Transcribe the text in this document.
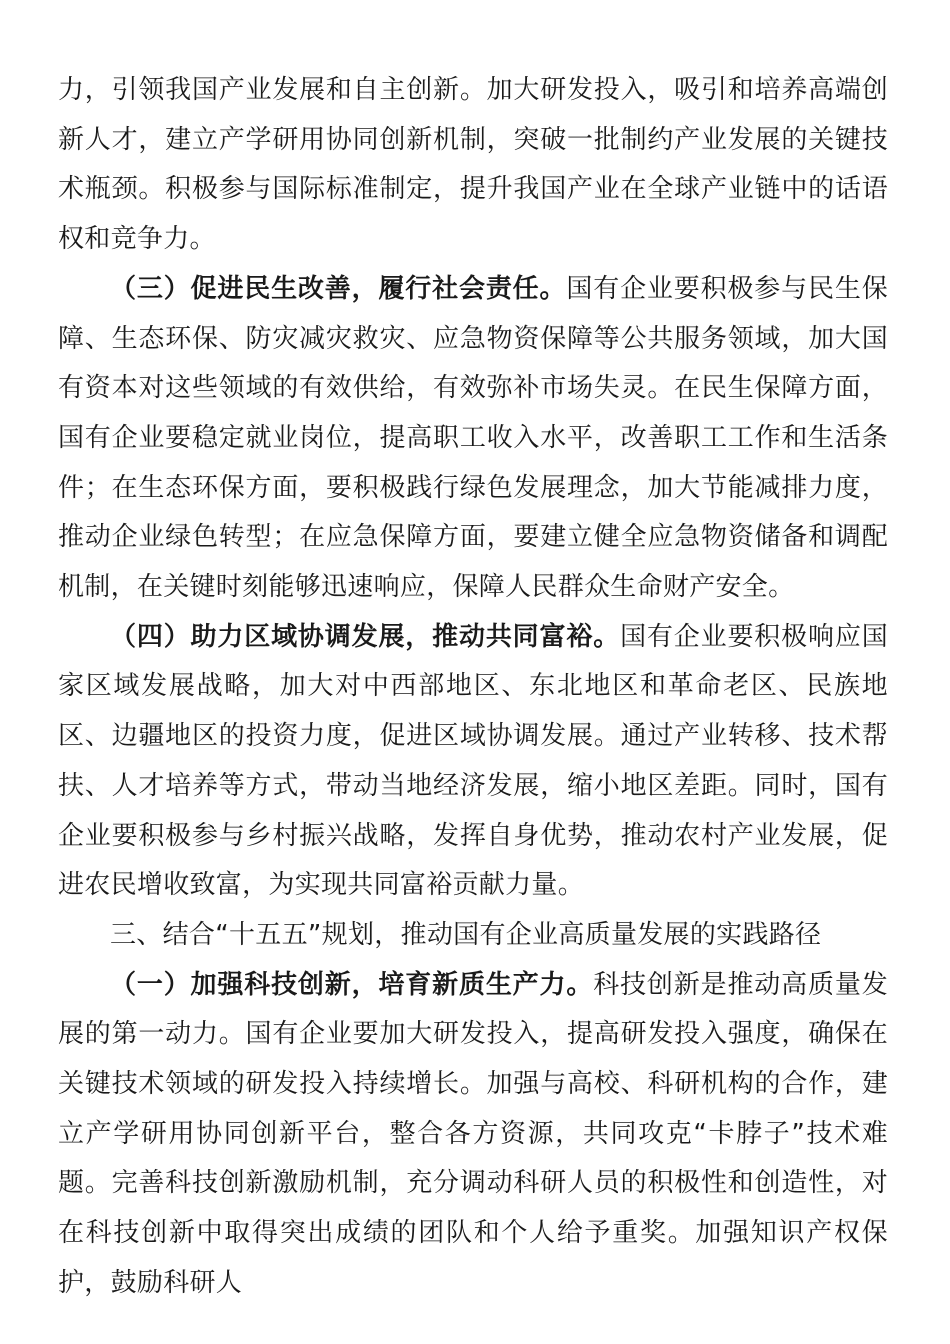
力，引领我国产业发展和自主创新。加大研发投入，吸引和培养高端创新人才，建立产学研用协同创新机制，突破一批制约产业发展的关键技术瓶颈。积极参与国际标准制定，提升我国产业在全球产业链中的话语权和竞争力。

（三）促进民生改善，履行社会责任。国有企业要积极参与民生保障、生态环保、防灾减灾救灾、应急物资保障等公共服务领域，加大国有资本对这些领域的有效供给，有效弥补市场失灵。在民生保障方面，国有企业要稳定就业岗位，提高职工收入水平，改善职工工作和生活条件；在生态环保方面，要积极践行绿色发展理念，加大节能减排力度，推动企业绿色转型；在应急保障方面，要建立健全应急物资储备和调配机制，在关键时刻能够迅速响应，保障人民群众生命财产安全。

（四）助力区域协调发展，推动共同富裕。国有企业要积极响应国家区域发展战略，加大对中西部地区、东北地区和革命老区、民族地区、边疆地区的投资力度，促进区域协调发展。通过产业转移、技术帮扶、人才培养等方式，带动当地经济发展，缩小地区差距。同时，国有企业要积极参与乡村振兴战略，发挥自身优势，推动农村产业发展，促进农民增收致富，为实现共同富裕贡献力量。

三、结合“十五五”规划，推动国有企业高质量发展的实践路径

（一）加强科技创新，培育新质生产力。科技创新是推动高质量发展的第一动力。国有企业要加大研发投入，提高研发投入强度，确保在关键技术领域的研发投入持续增长。加强与高校、科研机构的合作，建立产学研用协同创新平台，整合各方资源，共同攻克“卡脖子”技术难题。完善科技创新激励机制，充分调动科研人员的积极性和创造性，对在科技创新中取得突出成绩的团队和个人给予重奖。加强知识产权保护，鼓励科研人
